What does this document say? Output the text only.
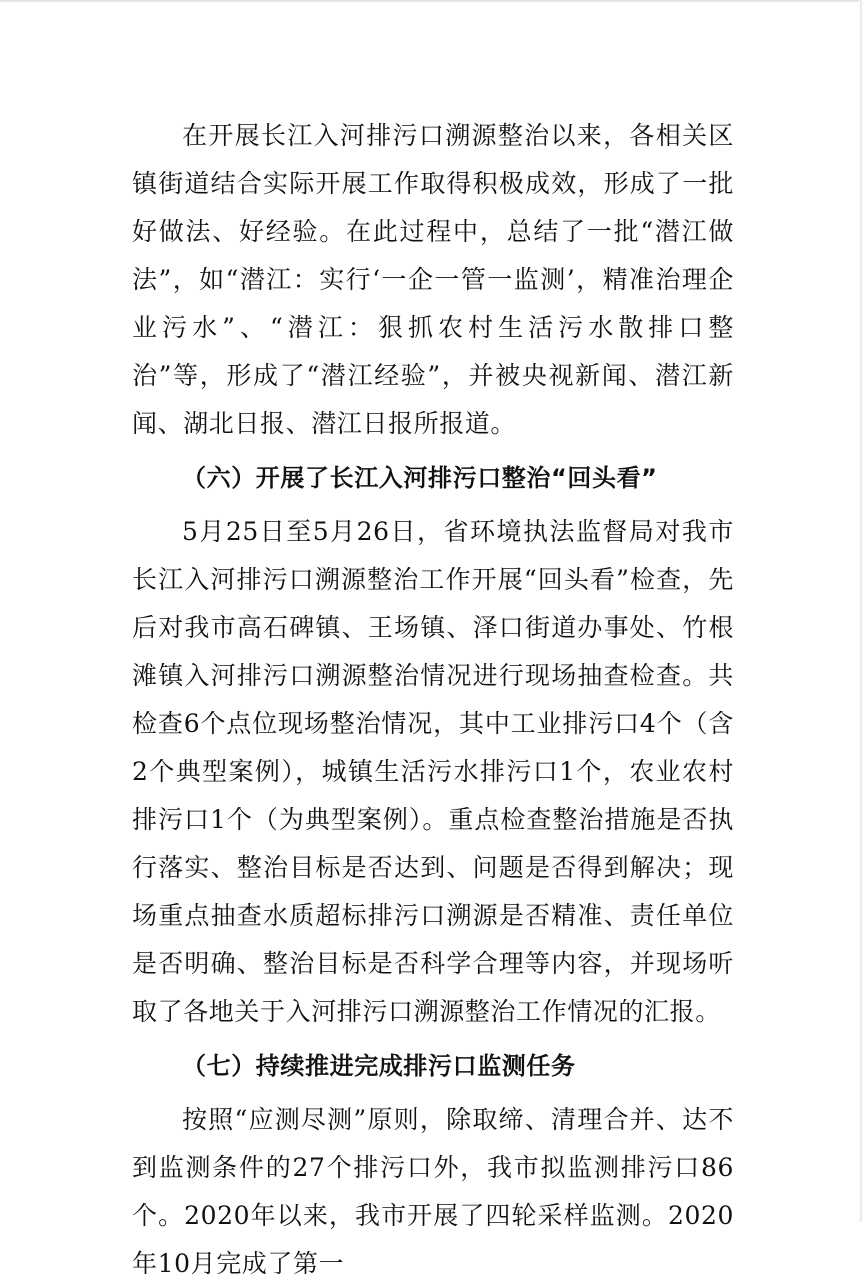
在开展长江入河排污口溯源整治以来，各相关区镇街道结合实际开展工作取得积极成效，形成了一批好做法、好经验。在此过程中，总结了一批“潜江做法”，如“潜江：实行‘一企一管一监测’，精准治理企业污水”、“潜江：狠抓农村生活污水散排口整治”等，形成了“潜江经验”，并被央视新闻、潜江新闻、湖北日报、潜江日报所报道。

（六）开展了长江入河排污口整治“回头看”

5月25日至5月26日，省环境执法监督局对我市长江入河排污口溯源整治工作开展“回头看”检查，先后对我市高石碑镇、王场镇、泽口街道办事处、竹根滩镇入河排污口溯源整治情况进行现场抽查检查。共检查6个点位现场整治情况，其中工业排污口4个（含2个典型案例），城镇生活污水排污口1个，农业农村排污口1个（为典型案例）。重点检查整治措施是否执行落实、整治目标是否达到、问题是否得到解决；现场重点抽查水质超标排污口溯源是否精准、责任单位是否明确、整治目标是否科学合理等内容，并现场听取了各地关于入河排污口溯源整治工作情况的汇报。

（七）持续推进完成排污口监测任务

按照“应测尽测”原则，除取缔、清理合并、达不到监测条件的27个排污口外，我市拟监测排污口86个。2020年以来，我市开展了四轮采样监测。2020年10月完成了第一
